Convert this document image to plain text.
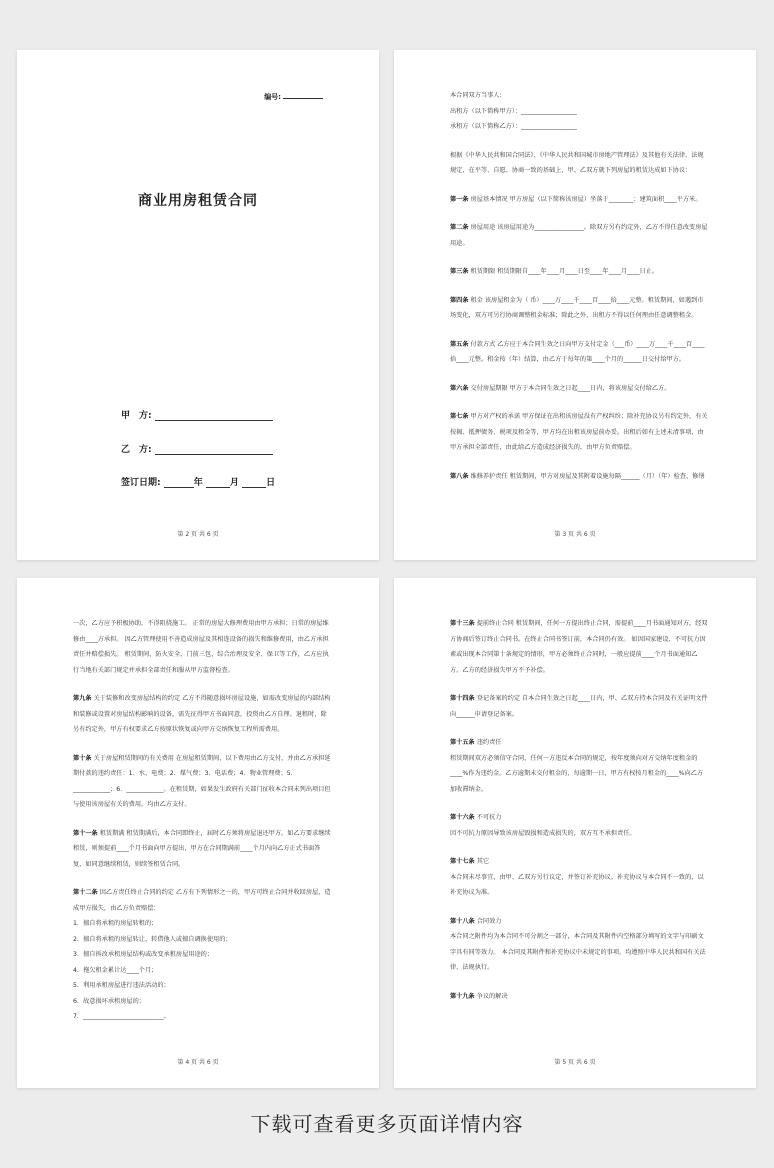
编号:
商业用房租赁合同
甲　方:
乙　方:
签订日期:	年	月	日
第 2 页 共 6 页

本合同双方当事人:

出租方（以下简称甲方）：__________________

承租方（以下简称乙方）：__________________

根据《中华人民共和国合同法》、《中华人民共和国城市房地产管理法》及其他有关法律、法规规定，在平等、自愿、协商一致的基础上，甲、乙双方就下列房屋的租赁达成如下协议：

第一条 房屋基本情况 甲方房屋（以下简称该房屋）坐落于________；建筑面积____平方米。

第二条 房屋用途 该房屋用途为________________。除双方另有约定外，乙方不得任意改变房屋用途。

第三条 租赁期限 租赁期限自____年____月____日至____年____月____日止。

第四条 租金 该房屋租金为（ 币）____万____千____百____拾____元整。租赁期间，如遇到市场变化，双方可另行协商调整租金标准；除此之外，出租方不得以任何理由任意调整租金。

第五条 付款方式 乙方应于本合同生效之日向甲方支付定金（___币）____万____千____百____拾____元整。租金按（年）结算，由乙方于每年的第____个月的______日交付给甲方。

第六条 交付房屋期限 甲方于本合同生效之日起____日内，将该房屋交付给乙方。

第七条 甲方对产权的承诺 甲方保证在出租该房屋没有产权纠纷；除补充协议另有约定外，有关按揭、抵押债务、税项及租金等，甲方均在出租该房屋前办妥。出租后如有上述未清事项，由甲方承担全部责任，由此给乙方造成经济损失的，由甲方负责赔偿。

第八条 维修养护责任 租赁期间，甲方对房屋及其附着设施每隔______（月）（年）检查、修缮

第 3 页 共 6 页

一次，乙方应予积极协助，不得阻挠施工。 正常的房屋大修理费用由甲方承担；日常的房屋维修由____方承担。 因乙方管理使用不善造成房屋及其相连设备的损失和维修费用，由乙方承担责任并赔偿损失。 租赁期间，防火安全、门前三包、综合治理及安全、保卫等工作，乙方应执行当地有关部门规定并承担全部责任和服从甲方监督检查。

第九条 关于装修和改变房屋结构的约定 乙方不得随意损坏房屋设施，如需改变房屋的内部结构和装修或设置对房屋结构影响的设备，需先征得甲方书面同意，投资由乙方自理。退租时，除另有约定外，甲方有权要求乙方按原状恢复或向甲方交纳恢复工程所需费用。

第十条 关于房屋租赁期间的有关费用 在房屋租赁期间，以下费用由乙方支付，并由乙方承担延期付款的违约责任：1．水、电费；2．煤气费；3．电话费；4．物业管理费；5．____________；6．____________。在租赁期，如果发生政府有关部门征收本合同未列出项目但与使用该房屋有关的费用，均由乙方支付。

第十一条 租赁期满 租赁期满后，本合同即终止，届时乙方须将房屋退还甲方。如乙方要求继续租赁，则须提前____个月书面向甲方提出，甲方在合同期满前____个月内向乙方正式书面答复，如同意继续租赁，则续签租赁合同。

第十二条 因乙方责任终止合同的约定 乙方有下列情形之一的，甲方可终止合同并收回房屋，造成甲方损失，由乙方负责赔偿：

1．擅自将承租的房屋转租的；

2．擅自将承租的房屋转让、转借他人或擅自调换使用的；

3．擅自拆改承租房屋结构或改变承租房屋用途的；

4．拖欠租金累计达____个月；

5．利用承租房屋进行违法活动的；

6．故意损坏承租房屋的；

7．__________________________。

第 4 页 共 6 页

第十三条 提前终止合同 租赁期间，任何一方提出终止合同，需提前____月书面通知对方，经双方协商后签订终止合同书。在终止合同书签订前，本合同仍有效。 如因国家建设、不可抗力因素或出现本合同第十条规定的情形，甲方必须终止合同时，一般应提前____个月书面通知乙方。乙方的经济损失甲方不予补偿。

第十四条 登记备案的约定 自本合同生效之日起____日内，甲、乙双方持本合同及有关证明文件向______申请登记备案。

第十五条 违约责任

租赁期间双方必须信守合同，任何一方违反本合同的规定，按年度须向对方交纳年度租金的____%作为违约金。乙方逾期未交付租金的，每逾期一日，甲方有权按月租金的____%向乙方加收滞纳金。

第十六条 不可抗力

因不可抗力原因导致该房屋毁损和造成损失的，双方互不承担责任。

第十七条 其它

本合同未尽事宜，由甲、乙双方另行议定，并签订补充协议。补充协议与本合同不一致的，以补充协议为准。

第十八条 合同效力

本合同之附件均为本合同不可分割之一部分，本合同及其附件内空格部分填写的文字与印刷文字具有同等效力。 本合同及其附件和补充协议中未规定的事项，均遵照中华人民共和国有关法律、法规执行。

第十九条 争议的解决

第 5 页 共 6 页
下载可查看更多页面详情内容
